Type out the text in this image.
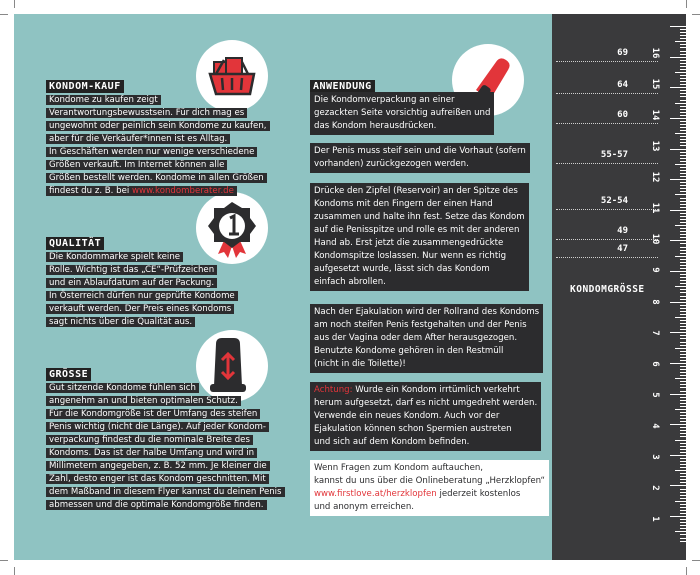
KONDOM-KAUF
Kondome zu kaufen zeigt
Verantwortungsbewusstsein. Für dich mag es
ungewohnt oder peinlich sein Kondome zu kaufen,
aber für die Verkäufer*innen ist es Alltag.
In Geschäften werden nur wenige verschiedene
Größen verkauft. Im Internet können alle
Größen bestellt werden. Kondome in allen Größen
findest du z. B. bei www.kondomberater.de
QUALITÄT
Die Kondommarke spielt keine
Rolle. Wichtig ist das „CE“-Prüfzeichen
und ein Ablaufdatum auf der Packung.
In Österreich dürfen nur geprüfte Kondome
verkauft werden. Der Preis eines Kondoms
sagt nichts über die Qualität aus.
GRÖSSE
Gut sitzende Kondome fühlen sich
angenehm an und bieten optimalen Schutz.
Für die Kondomgröße ist der Umfang des steifen
Penis wichtig (nicht die Länge). Auf jeder Kondom-
verpackung findest du die nominale Breite des
Kondoms. Das ist der halbe Umfang und wird in
Millimetern angegeben, z. B. 52 mm. Je kleiner die
Zahl, desto enger ist das Kondom geschnitten. Mit
dem Maßband in diesem Flyer kannst du deinen Penis
abmessen und die optimale Kondomgröße finden.
ANWENDUNG
Die Kondomverpackung an einer
gezackten Seite vorsichtig aufreißen und
das Kondom herausdrücken.
Der Penis muss steif sein und die Vorhaut (sofern
vorhanden) zurückgezogen werden.
Drücke den Zipfel (Reservoir) an der Spitze des
Kondoms mit den Fingern der einen Hand
zusammen und halte ihn fest. Setze das Kondom
auf die Penisspitze und rolle es mit der anderen
Hand ab. Erst jetzt die zusammengedrückte
Kondomspitze loslassen. Nur wenn es richtig
aufgesetzt wurde, lässt sich das Kondom
einfach abrollen.
Nach der Ejakulation wird der Rollrand des Kondoms
am noch steifen Penis festgehalten und der Penis
aus der Vagina oder dem After herausgezogen.
Benutzte Kondome gehören in den Restmüll
(nicht in die Toilette)!
Achtung: Wurde ein Kondom irrtümlich verkehrt
herum aufgesetzt, darf es nicht umgedreht werden.
Verwende ein neues Kondom. Auch vor der
Ejakulation können schon Spermien austreten
und sich auf dem Kondom befinden.
Wenn Fragen zum Kondom auftauchen,
kannst du uns über die Onlineberatung „Herzklopfen“
www.firstlove.at/herzklopfen jederzeit kostenlos
und anonym erreichen.
69
64
60
55-57
52-54
49
47
KONDOMGRÖSSE
16
15
14
13
12
11
10
9
8
7
6
5
4
3
2
1
